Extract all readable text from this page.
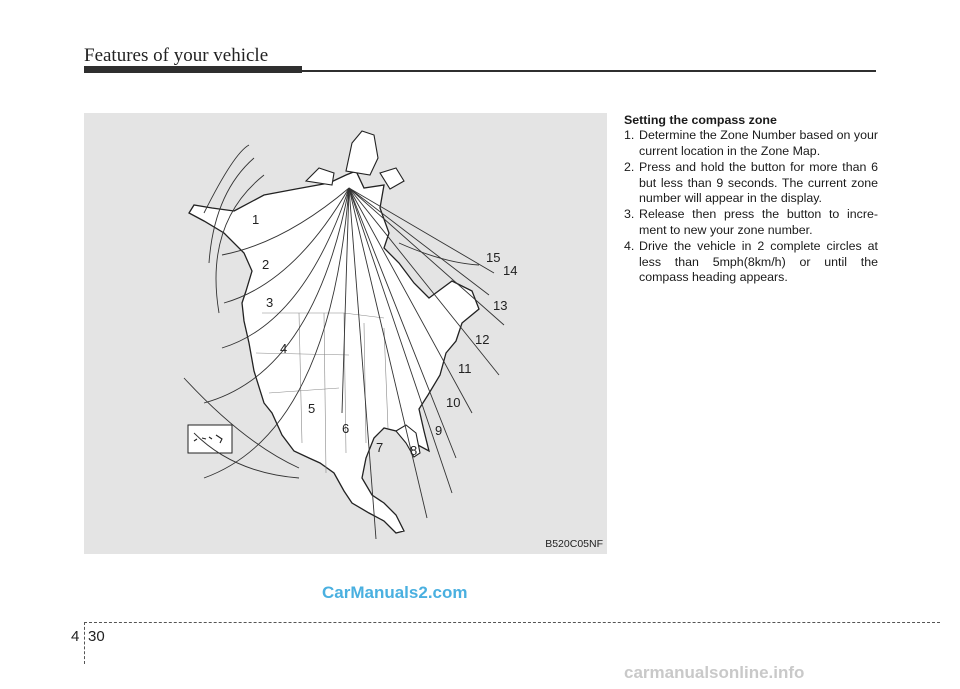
Features of your vehicle
1
2
3
4
5
6
7 8
9
10
11
12
13
14
15
B520C05NF

Setting the compass zone

1. Determine the Zone Number based on your current location in the Zone Map.
2. Press and hold the button for more than 6 but less than 9 seconds. The current zone number will appear in the display.
3. Release then press the button to incre-ment to new your zone number.
4. Drive the vehicle in 2 complete circles at less than 5mph(8km/h) or until the compass heading appears.
CarManuals2.com
4 30
carmanualsonline.info
